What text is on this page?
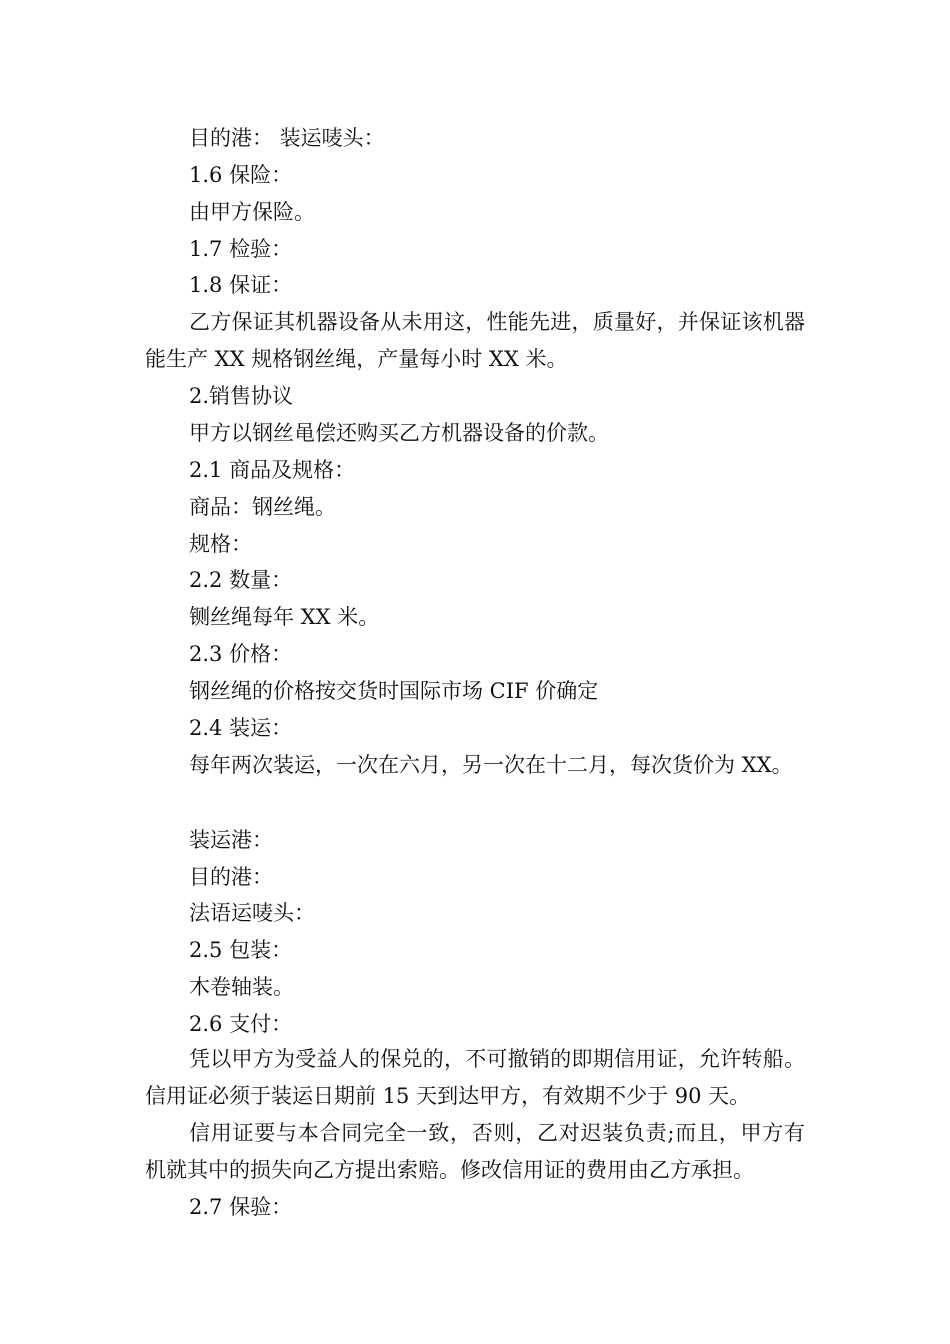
目的港： 装运唛头：
1.6 保险：
由甲方保险。
1.7 检验：
1.8 保证：
乙方保证其机器设备从未用这，性能先进，质量好，并保证该机器能生产 XX 规格钢丝绳，产量每小时 XX 米。
2.销售协议
甲方以钢丝黾偿还购买乙方机器设备的价款。
2.1 商品及规格：
商品：钢丝绳。
规格：
2.2 数量：
铡丝绳每年 XX 米。
2.3 价格：
钢丝绳的价格按交货时国际市场 CIF 价确定
2.4 装运：
每年两次装运，一次在六月，另一次在十二月，每次货价为 XX。
装运港：
目的港：
法语运唛头：
2.5 包装：
木卷轴装。
2.6 支付：
凭以甲方为受益人的保兑的，不可撤销的即期信用证，允许转船。信用证必须于装运日期前 15 天到达甲方，有效期不少于 90 天。
信用证要与本合同完全一致，否则，乙对迟装负责;而且，甲方有机就其中的损失向乙方提出索赔。修改信用证的费用由乙方承担。
2.7 保验：
